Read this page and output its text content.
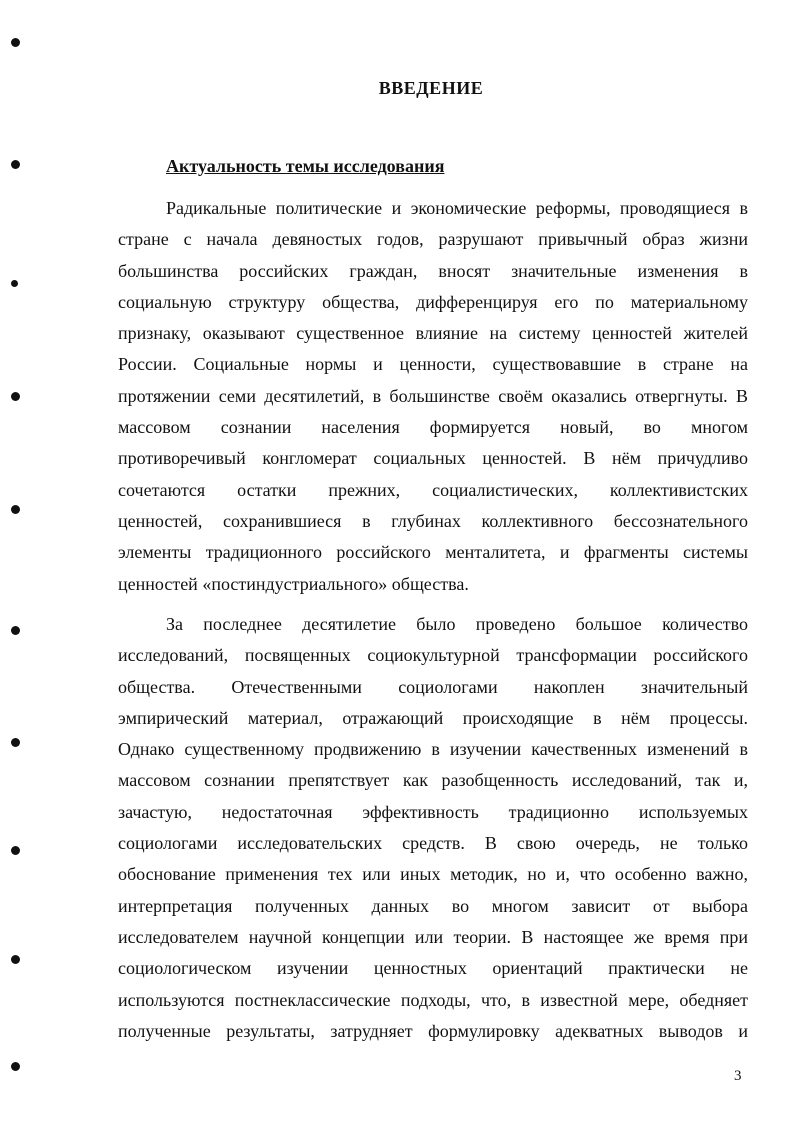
ВВЕДЕНИЕ
Актуальность темы исследования
Радикальные политические и экономические реформы, проводящиеся в
стране с начала девяностых годов, разрушают привычный образ жизни
большинства российских граждан, вносят значительные изменения в
социальную структуру общества, дифференцируя его по материальному
признаку, оказывают существенное влияние на систему ценностей жителей
России. Социальные нормы и ценности, существовавшие в стране на
протяжении семи десятилетий, в большинстве своём оказались отвергнуты. В
массовом сознании населения формируется новый, во многом
противоречивый конгломерат социальных ценностей. В нём причудливо
сочетаются остатки прежних, социалистических, коллективистских
ценностей, сохранившиеся в глубинах коллективного бессознательного
элементы традиционного российского менталитета, и фрагменты системы
ценностей «постиндустриального» общества.
За последнее десятилетие было проведено большое количество
исследований, посвященных социокультурной трансформации российского
общества. Отечественными социологами накоплен значительный
эмпирический материал, отражающий происходящие в нём процессы.
Однако существенному продвижению в изучении качественных изменений в
массовом сознании препятствует как разобщенность исследований, так и,
зачастую, недостаточная эффективность традиционно используемых
социологами исследовательских средств. В свою очередь, не только
обоснование применения тех или иных методик, но и, что особенно важно,
интерпретация полученных данных во многом зависит от выбора
исследователем научной концепции или теории. В настоящее же время при
социологическом изучении ценностных ориентаций практически не
используются постнеклассические подходы, что, в известной мере, обедняет
полученные результаты, затрудняет формулировку адекватных выводов и
3
